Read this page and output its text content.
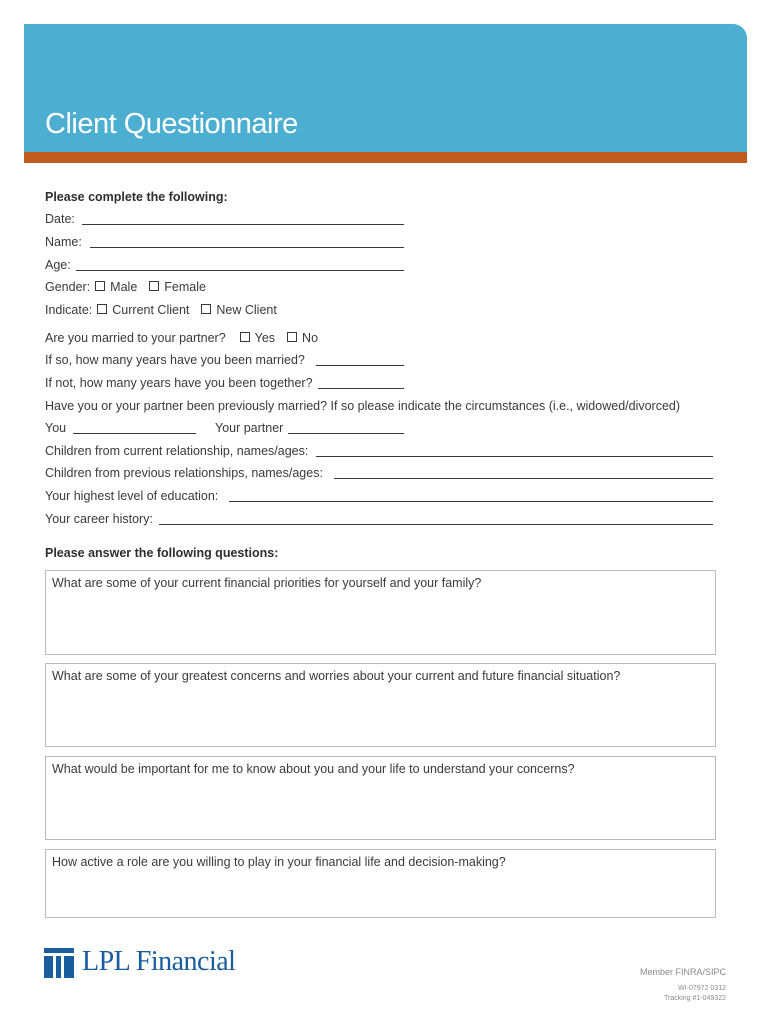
Client Questionnaire
Please complete the following:
Date:
Name:
Age:
Gender: Male Female
Indicate: Current Client New Client
Are you married to your partner? Yes No
If so, how many years have you been married?
If not, how many years have you been together?
Have you or your partner been previously married? If so please indicate the circumstances (i.e., widowed/divorced)
You	Your partner
Children from current relationship, names/ages:
Children from previous relationships, names/ages:
Your highest level of education:
Your career history:
Please answer the following questions:
What are some of your current financial priorities for yourself and your family?
What are some of your greatest concerns and worries about your current and future financial situation?
What would be important for me to know about you and your life to understand your concerns?
How active a role are you willing to play in your financial life and decision-making?
LPL Financial	Member FINRA/SIPC
WI-07972 0312
Tracking #1-049322
